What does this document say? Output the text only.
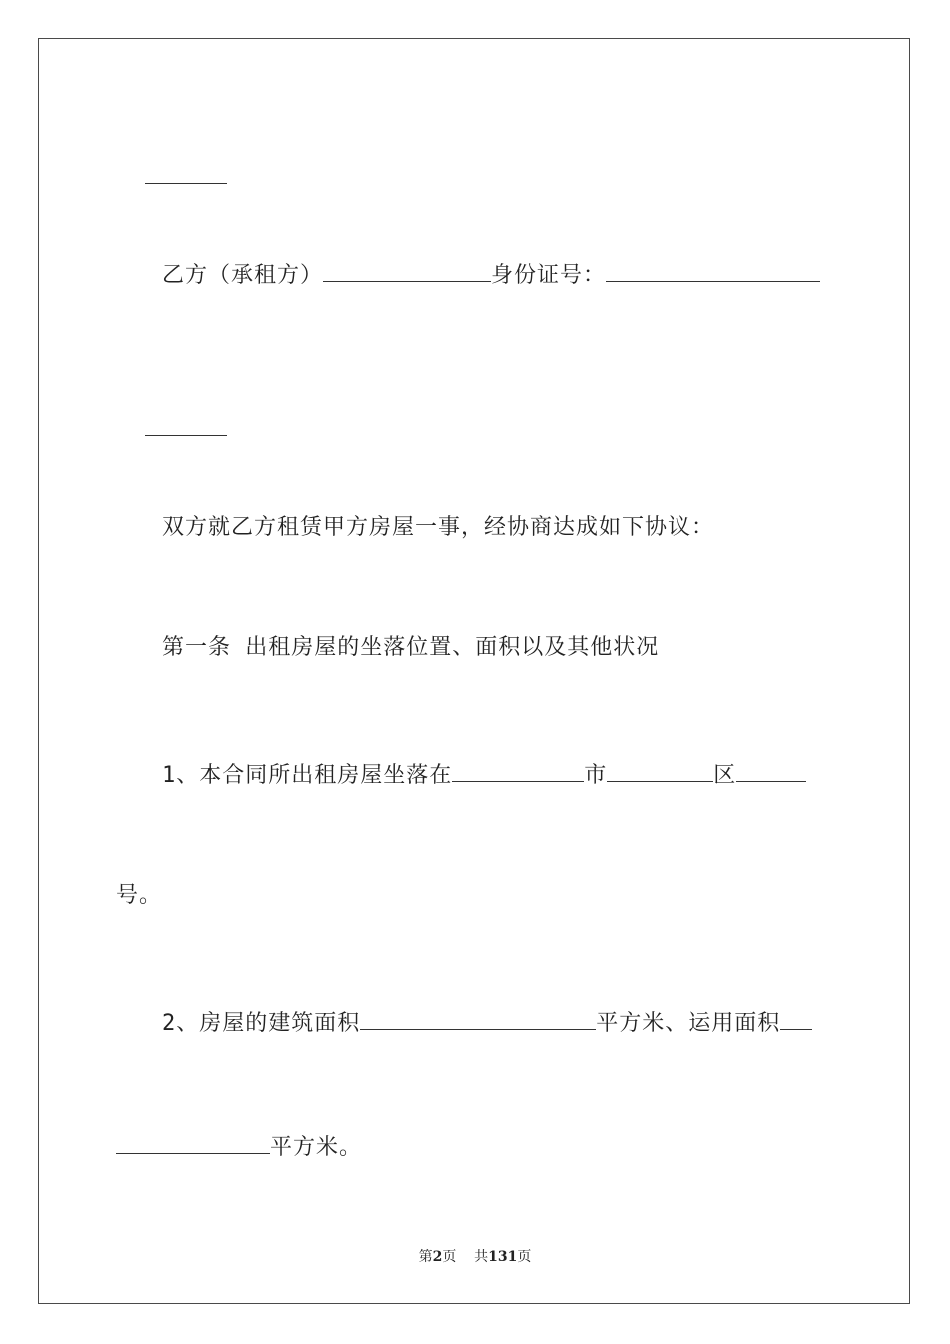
乙方（承租方）	身份证号：

双方就乙方租赁甲方房屋一事，经协商达成如下协议：
第一条 出租房屋的坐落位置、面积以及其他状况
1、本合同所出租房屋坐落在	市	区
号。
2、房屋的建筑面积	平方米、运用面积
平方米。
第2页 共131页
